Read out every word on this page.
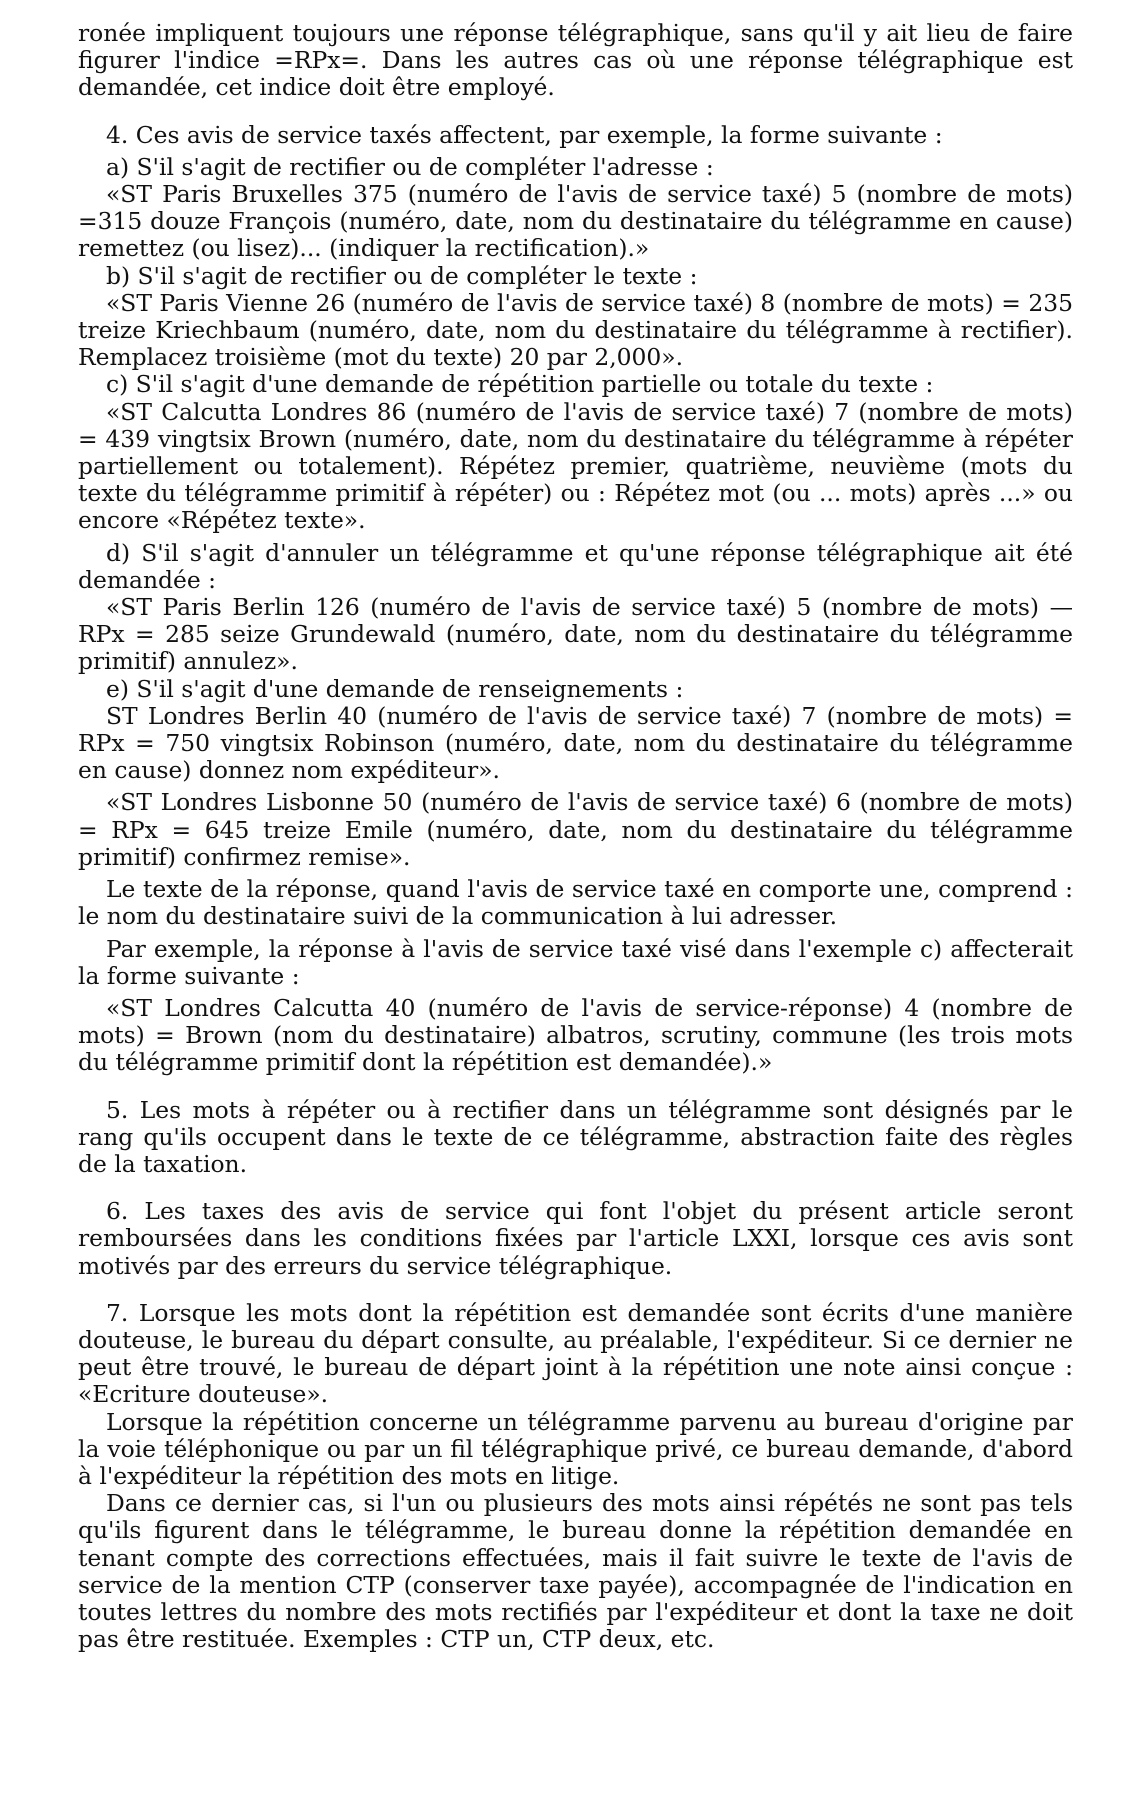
ronée impliquent toujours une réponse télégraphique, sans qu'il y ait lieu de faire figurer l'indice =RPx=. Dans les autres cas où une réponse télégraphique est demandée, cet indice doit être employé.

4. Ces avis de service taxés affectent, par exemple, la forme suivante :

a) S'il s'agit de rectifier ou de compléter l'adresse :

«ST Paris Bruxelles 375 (numéro de l'avis de service taxé) 5 (nombre de mots) =315 douze François (numéro, date, nom du destinataire du télégramme en cause) remettez (ou lisez)... (indiquer la rectification).»

b) S'il s'agit de rectifier ou de compléter le texte :

«ST Paris Vienne 26 (numéro de l'avis de service taxé) 8 (nombre de mots) = 235 treize Kriechbaum (numéro, date, nom du destinataire du télégramme à rectifier). Remplacez troisième (mot du texte) 20 par 2,000».

c) S'il s'agit d'une demande de répétition partielle ou totale du texte :

«ST Calcutta Londres 86 (numéro de l'avis de service taxé) 7 (nombre de mots) = 439 vingtsix Brown (numéro, date, nom du destinataire du télégramme à répéter partiellement ou totalement). Répétez premier, quatrième, neuvième (mots du texte du télégramme primitif à répéter) ou : Répétez mot (ou ... mots) après ...» ou encore «Répétez texte».

d) S'il s'agit d'annuler un télégramme et qu'une réponse télégraphique ait été demandée :

«ST Paris Berlin 126 (numéro de l'avis de service taxé) 5 (nombre de mots) — RPx = 285 seize Grundewald (numéro, date, nom du destinataire du télégramme primitif) annulez».

e) S'il s'agit d'une demande de renseignements :

ST Londres Berlin 40 (numéro de l'avis de service taxé) 7 (nombre de mots) = RPx = 750 vingtsix Robinson (numéro, date, nom du destinataire du télégramme en cause) donnez nom expéditeur».

«ST Londres Lisbonne 50 (numéro de l'avis de service taxé) 6 (nombre de mots) = RPx = 645 treize Emile (numéro, date, nom du destinataire du télégramme primitif) confirmez remise».

Le texte de la réponse, quand l'avis de service taxé en comporte une, comprend : le nom du destinataire suivi de la communication à lui adresser.

Par exemple, la réponse à l'avis de service taxé visé dans l'exemple c) affecterait la forme suivante :

«ST Londres Calcutta 40 (numéro de l'avis de service-réponse) 4 (nombre de mots) = Brown (nom du destinataire) albatros, scrutiny, commune (les trois mots du télégramme primitif dont la répétition est demandée).»

5. Les mots à répéter ou à rectifier dans un télégramme sont désignés par le rang qu'ils occupent dans le texte de ce télégramme, abstraction faite des règles de la taxation.

6. Les taxes des avis de service qui font l'objet du présent article seront remboursées dans les conditions fixées par l'article LXXI, lorsque ces avis sont motivés par des erreurs du service télégraphique.

7. Lorsque les mots dont la répétition est demandée sont écrits d'une manière douteuse, le bureau du départ consulte, au préalable, l'expéditeur. Si ce dernier ne peut être trouvé, le bureau de départ joint à la répétition une note ainsi conçue : «Ecriture douteuse».

Lorsque la répétition concerne un télégramme parvenu au bureau d'origine par la voie téléphonique ou par un fil télégraphique privé, ce bureau demande, d'abord à l'expéditeur la répétition des mots en litige.

Dans ce dernier cas, si l'un ou plusieurs des mots ainsi répétés ne sont pas tels qu'ils figurent dans le télégramme, le bureau donne la répétition demandée en tenant compte des corrections effectuées, mais il fait suivre le texte de l'avis de service de la mention CTP (conserver taxe payée), accompagnée de l'indication en toutes lettres du nombre des mots rectifiés par l'expéditeur et dont la taxe ne doit pas être restituée. Exemples : CTP un, CTP deux, etc.
